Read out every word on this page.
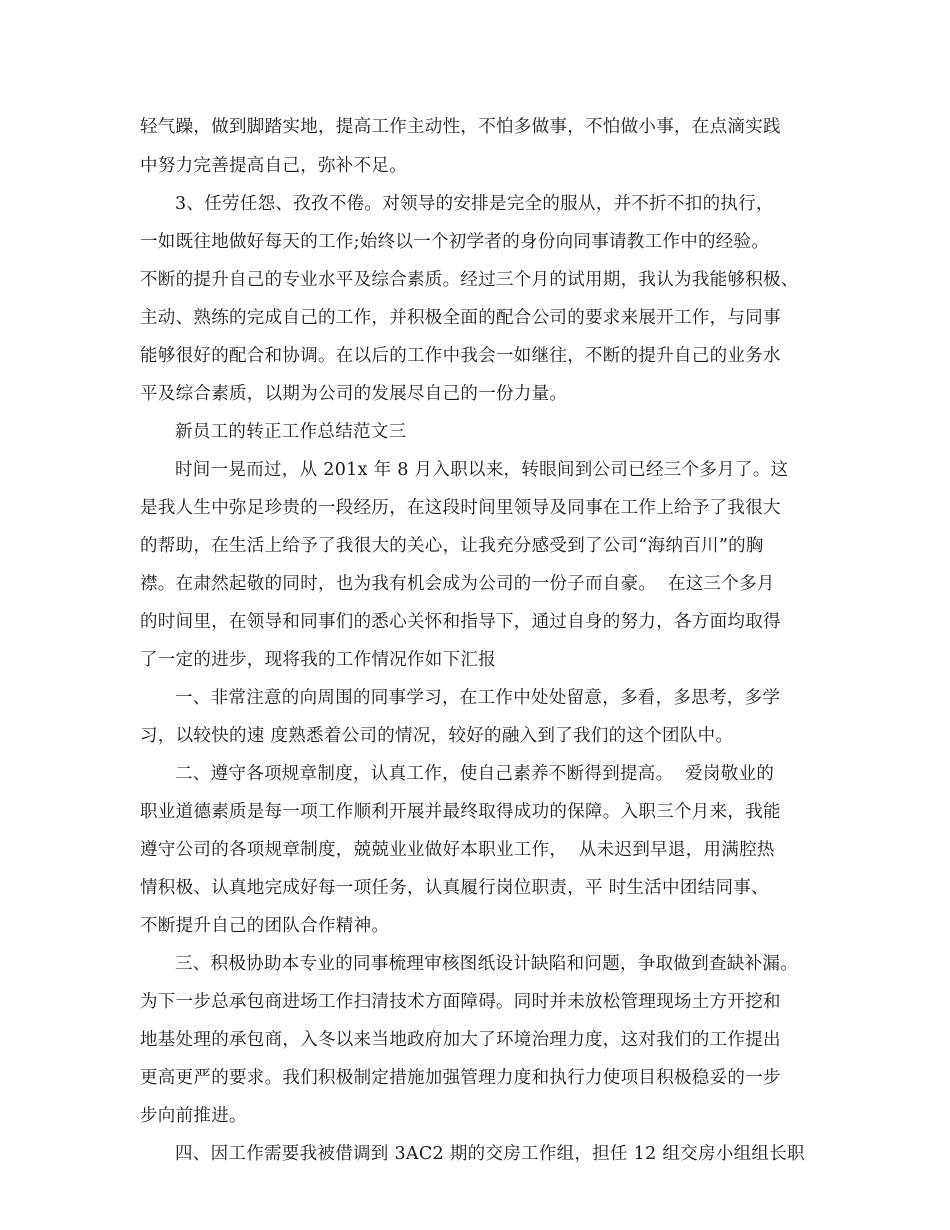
轻气躁，做到脚踏实地，提高工作主动性，不怕多做事，不怕做小事，在点滴实践
中努力完善提高自己，弥补不足。
3、任劳任怨、孜孜不倦。对领导的安排是完全的服从，并不折不扣的执行，
一如既往地做好每天的工作;始终以一个初学者的身份向同事请教工作中的经验。
不断的提升自己的专业水平及综合素质。经过三个月的试用期，我认为我能够积极、
主动、熟练的完成自己的工作，并积极全面的配合公司的要求来展开工作，与同事
能够很好的配合和协调。在以后的工作中我会一如继往，不断的提升自己的业务水
平及综合素质，以期为公司的发展尽自己的一份力量。
新员工的转正工作总结范文三
时间一晃而过，从 201x 年 8 月入职以来，转眼间到公司已经三个多月了。这
是我人生中弥足珍贵的一段经历，在这段时间里领导及同事在工作上给予了我很大
的帮助，在生活上给予了我很大的关心，让我充分感受到了公司“海纳百川”的胸
襟。在肃然起敬的同时，也为我有机会成为公司的一份子而自豪。  在这三个多月
的时间里，在领导和同事们的悉心关怀和指导下，通过自身的努力，各方面均取得
了一定的进步，现将我的工作情况作如下汇报
一、非常注意的向周围的同事学习，在工作中处处留意，多看，多思考，多学
习，以较快的速 度熟悉着公司的情况，较好的融入到了我们的这个团队中。
二、遵守各项规章制度，认真工作，使自己素养不断得到提高。  爱岗敬业的
职业道德素质是每一项工作顺利开展并最终取得成功的保障。入职三个月来，我能
遵守公司的各项规章制度，兢兢业业做好本职业工作，  从未迟到早退，用满腔热
情积极、认真地完成好每一项任务，认真履行岗位职责，平 时生活中团结同事、
不断提升自己的团队合作精神。
三、积极协助本专业的同事梳理审核图纸设计缺陷和问题，争取做到查缺补漏。
为下一步总承包商进场工作扫清技术方面障碍。同时并未放松管理现场土方开挖和
地基处理的承包商，入冬以来当地政府加大了环境治理力度，这对我们的工作提出
更高更严的要求。我们积极制定措施加强管理力度和执行力使项目积极稳妥的一步
步向前推进。
四、因工作需要我被借调到 3AC2 期的交房工作组，担任 12 组交房小组组长职
